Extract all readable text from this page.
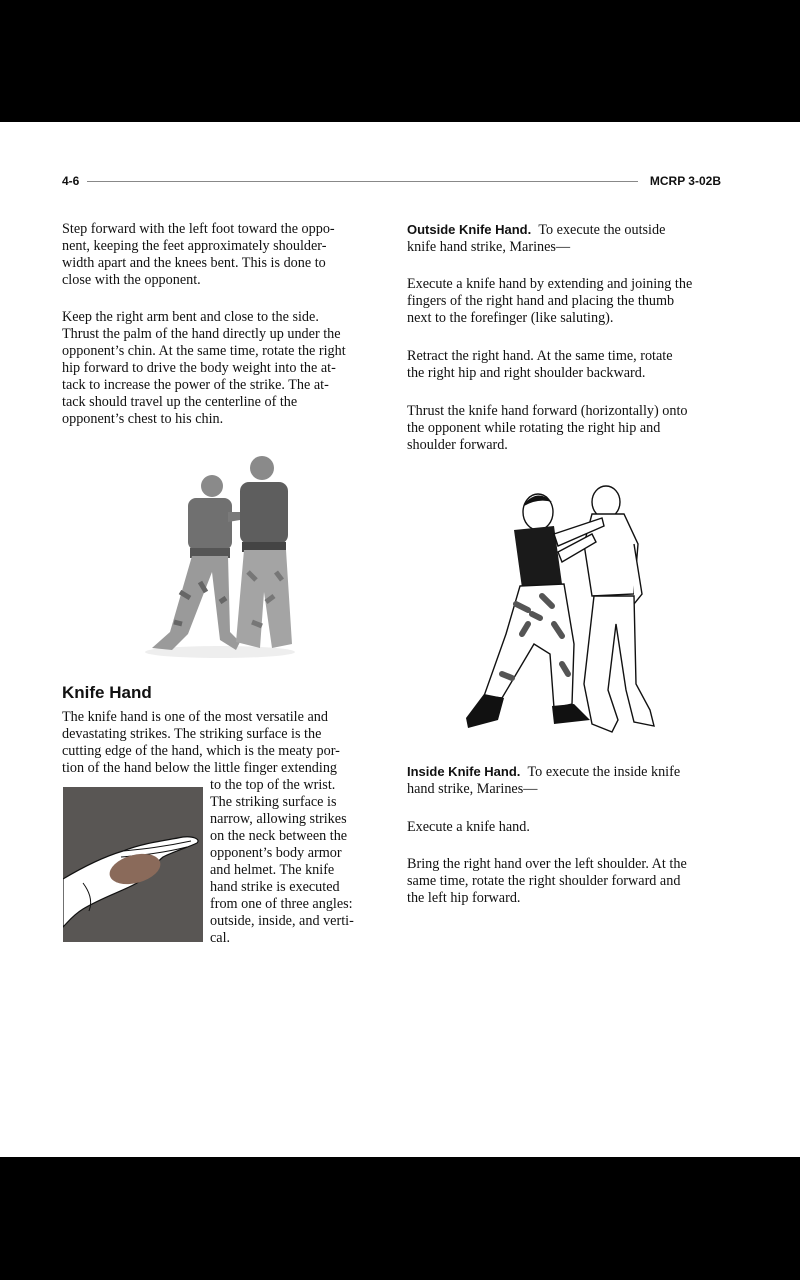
4-6	MCRP 3-02B
Step forward with the left foot toward the oppo-
nent, keeping the feet approximately shoulder-
width apart and the knees bent. This is done to
close with the opponent.
Keep the right arm bent and close to the side.
Thrust the palm of the hand directly up under the
opponent’s chin. At the same time, rotate the right
hip forward to drive the body weight into the at-
tack to increase the power of the strike. The at-
tack should travel up the centerline of the
opponent’s chest to his chin.
Knife Hand
The knife hand is one of the most versatile and
devastating strikes. The striking surface is the
cutting edge of the hand, which is the meaty por-
tion of the hand below the little finger extending
to the top of the wrist.
The striking surface is
narrow, allowing strikes
on the neck between the
opponent’s body armor
and helmet. The knife
hand strike is executed
from one of three angles:
outside, inside, and verti-
cal.
Outside Knife Hand. To execute the outside
knife hand strike, Marines—
Execute a knife hand by extending and joining the
fingers of the right hand and placing the thumb
next to the forefinger (like saluting).
Retract the right hand. At the same time, rotate
the right hip and right shoulder backward.
Thrust the knife hand forward (horizontally) onto
the opponent while rotating the right hip and
shoulder forward.
Inside Knife Hand. To execute the inside knife
hand strike, Marines—
Execute a knife hand.
Bring the right hand over the left shoulder. At the
same time, rotate the right shoulder forward and
the left hip forward.
